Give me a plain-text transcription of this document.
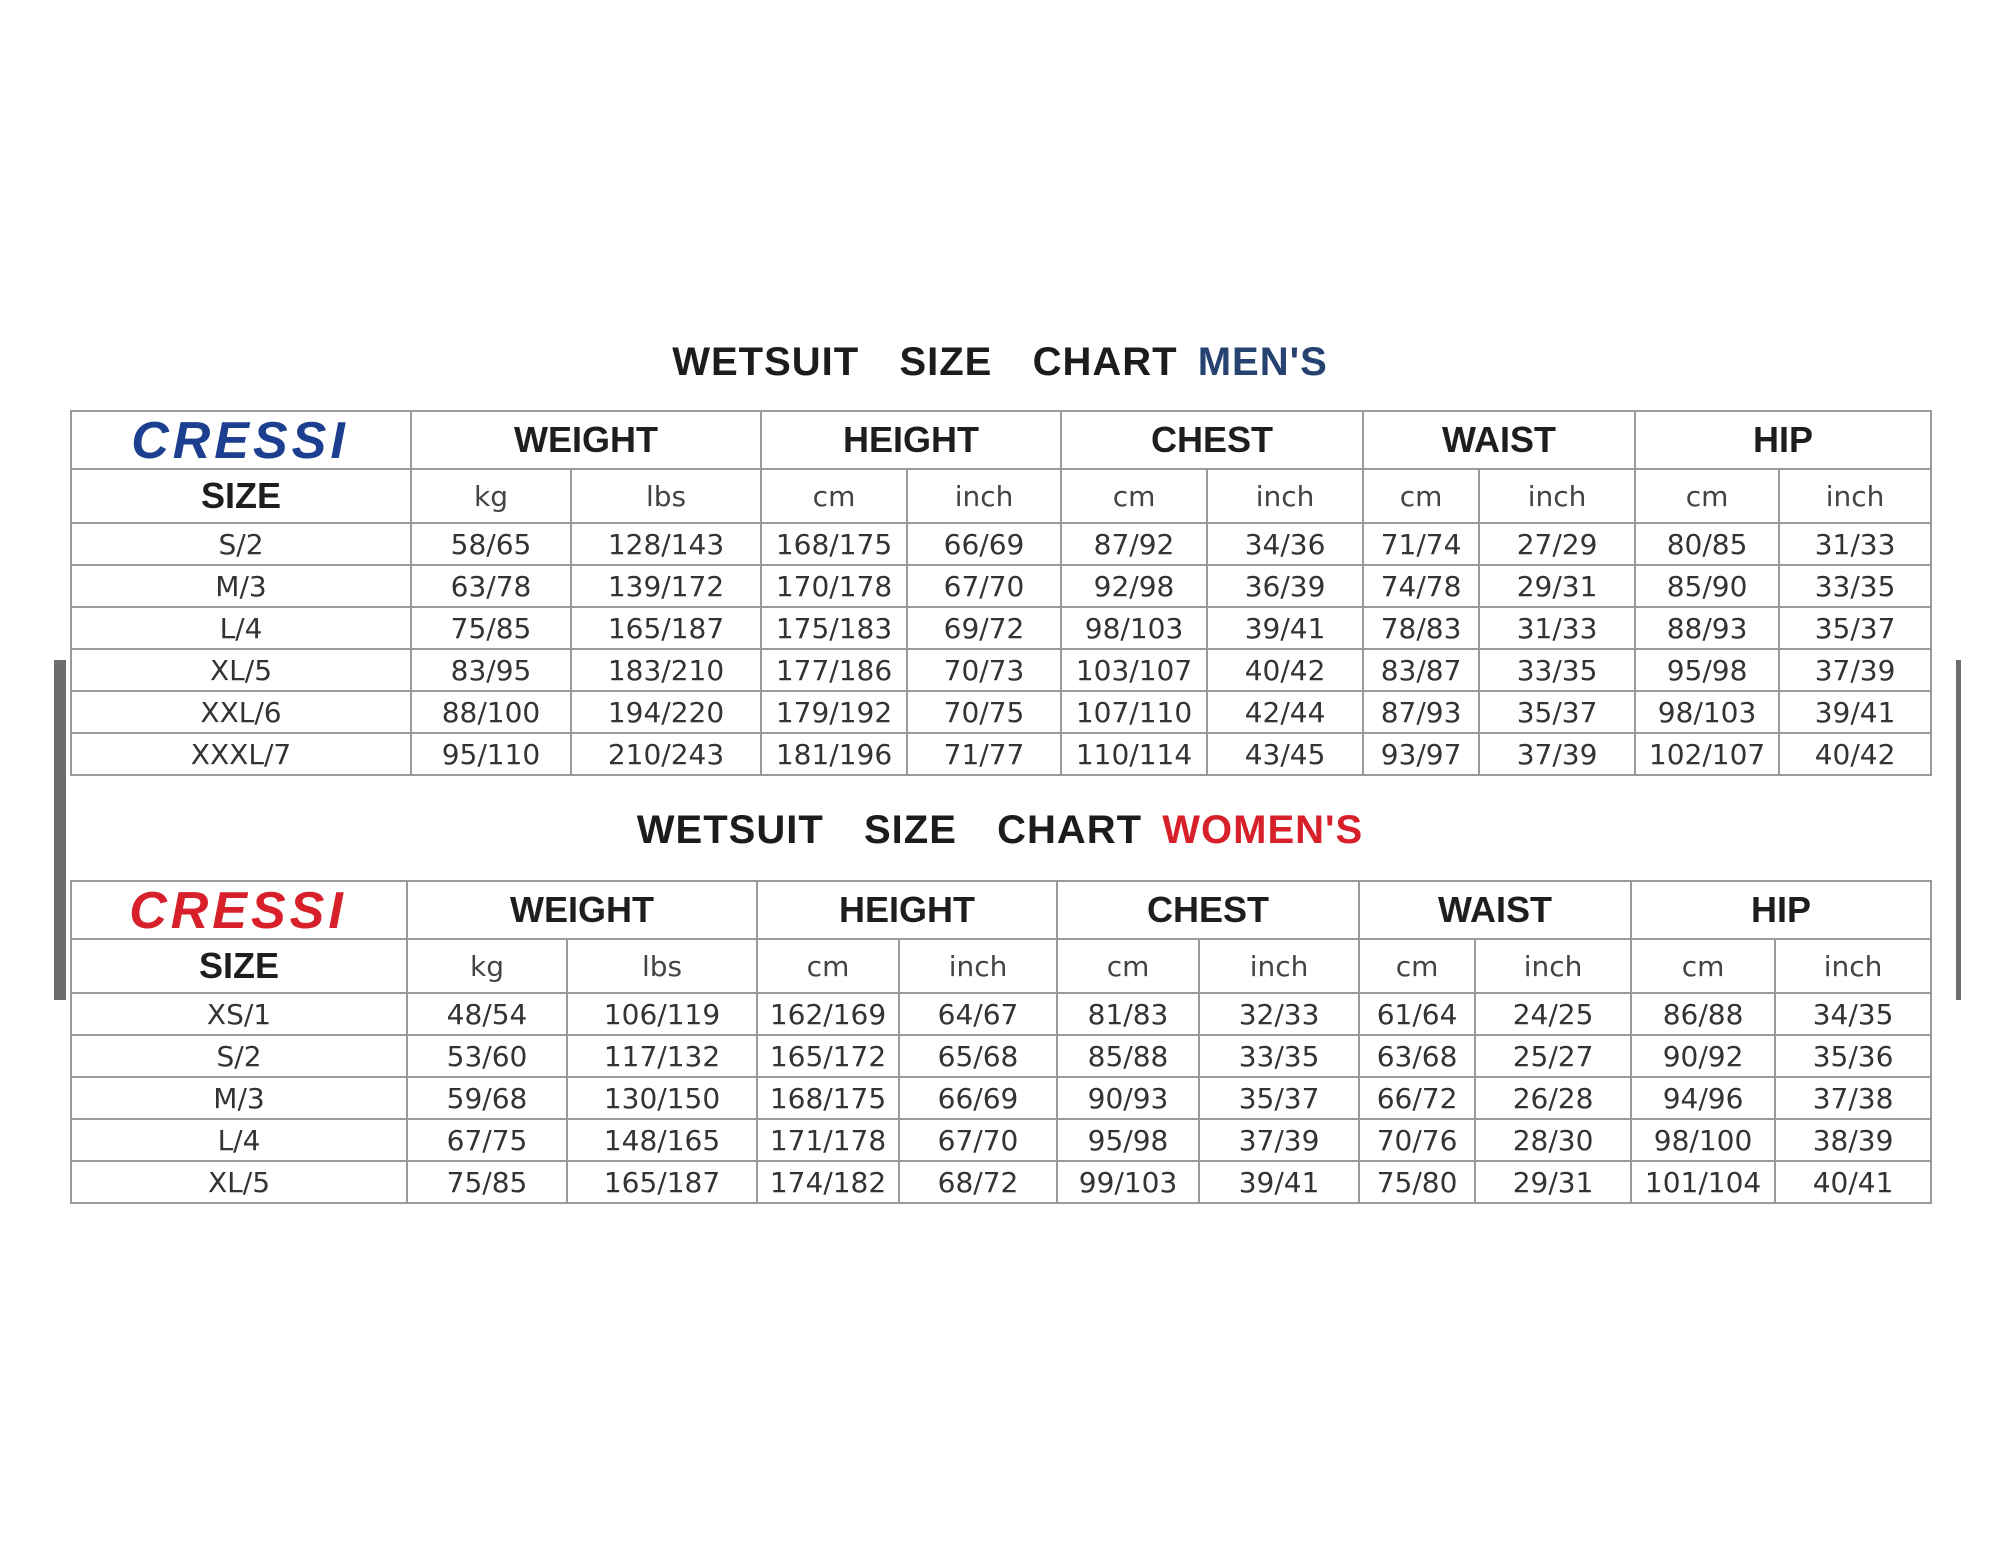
WETSUIT  SIZE  CHART MEN'S
CRESSI	WEIGHT		HEIGHT		CHEST		WAIST		HIP	
SIZE	kg	lbs	cm	inch	cm	inch	cm	inch	cm	inch
S/2	58/65	128/143	168/175	66/69	87/92	34/36	71/74	27/29	80/85	31/33
M/3	63/78	139/172	170/178	67/70	92/98	36/39	74/78	29/31	85/90	33/35
L/4	75/85	165/187	175/183	69/72	98/103	39/41	78/83	31/33	88/93	35/37
XL/5	83/95	183/210	177/186	70/73	103/107	40/42	83/87	33/35	95/98	37/39
XXL/6	88/100	194/220	179/192	70/75	107/110	42/44	87/93	35/37	98/103	39/41
XXXL/7	95/110	210/243	181/196	71/77	110/114	43/45	93/97	37/39	102/107	40/42
WETSUIT  SIZE  CHART WOMEN'S
CRESSI	WEIGHT		HEIGHT		CHEST		WAIST		HIP	
SIZE	kg	lbs	cm	inch	cm	inch	cm	inch	cm	inch
XS/1	48/54	106/119	162/169	64/67	81/83	32/33	61/64	24/25	86/88	34/35
S/2	53/60	117/132	165/172	65/68	85/88	33/35	63/68	25/27	90/92	35/36
M/3	59/68	130/150	168/175	66/69	90/93	35/37	66/72	26/28	94/96	37/38
L/4	67/75	148/165	171/178	67/70	95/98	37/39	70/76	28/30	98/100	38/39
XL/5	75/85	165/187	174/182	68/72	99/103	39/41	75/80	29/31	101/104	40/41
